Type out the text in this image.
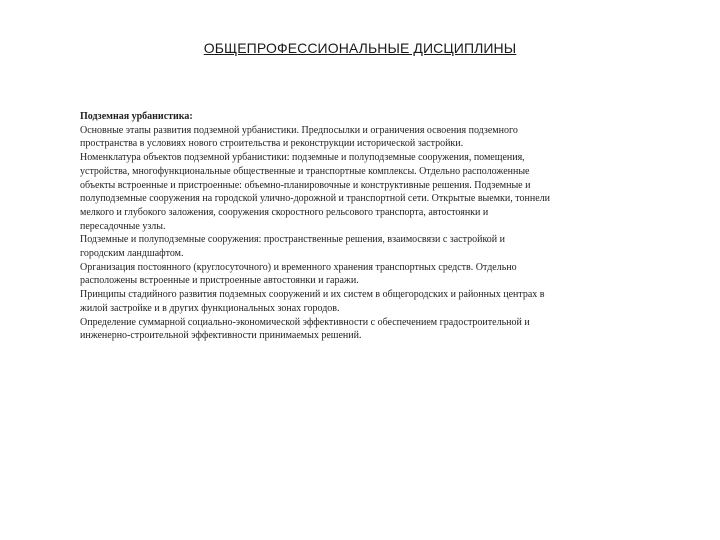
ОБЩЕПРОФЕССИОНАЛЬНЫЕ ДИСЦИПЛИНЫ
Подземная урбанистика:
Основные этапы развития подземной урбанистики. Предпосылки и ограничения освоения подземного пространства в условиях нового строительства и реконструкции исторической застройки.
Номенклатура объектов подземной урбанистики: подземные и полуподземные сооружения, помещения, устройства, многофункциональные общественные и транспортные комплексы. Отдельно расположенные объекты встроенные и пристроенные: объемно-планировочные и конструктивные решения. Подземные и полуподземные сооружения на городской улично-дорожной и транспортной сети. Открытые выемки, тоннели мелкого и глубокого заложения, сооружения скоростного рельсового транспорта, автостоянки и пересадочные узлы.
Подземные и полуподземные сооружения: пространственные решения, взаимосвязи с застройкой и городским ландшафтом.
Организация постоянного (круглосуточного) и временного хранения транспортных средств. Отдельно расположены встроенные и пристроенные автостоянки и гаражи.
Принципы стадийного развития подземных сооружений и их систем в общегородских и районных центрах в жилой застройке и в других функциональных зонах городов.
Определение суммарной социально-экономической эффективности с обеспечением градостроительной и инженерно-строительной эффективности принимаемых решений.
